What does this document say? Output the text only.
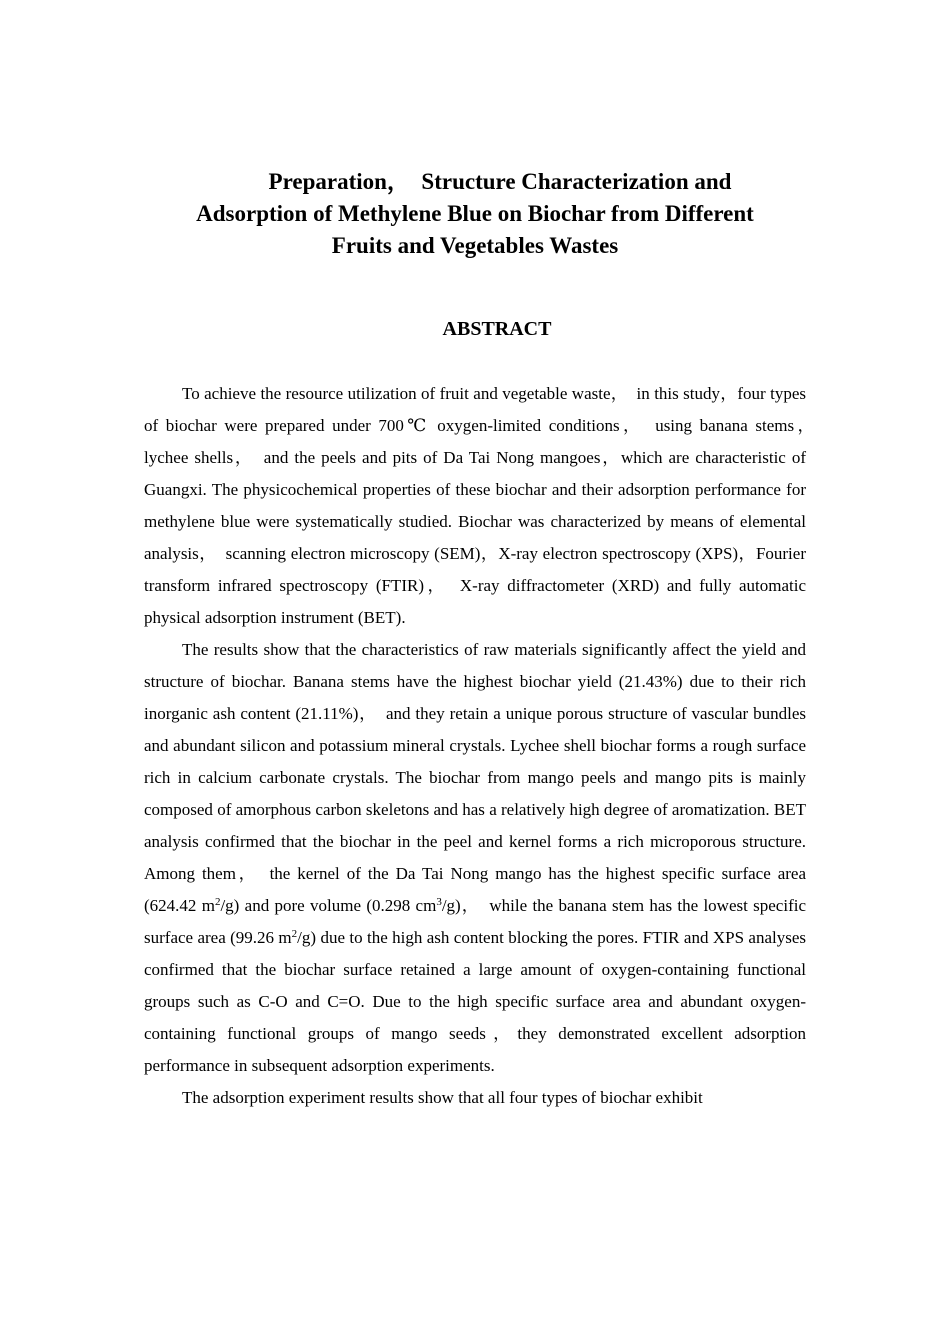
Preparation，　Structure Characterization and
Adsorption of Methylene Blue on Biochar from Different
Fruits and Vegetables Wastes
ABSTRACT

To achieve the resource utilization of fruit and vegetable waste，　in this study，four types of biochar were prepared under 700℃ oxygen-limited conditions，　using banana stems，　lychee shells，　and the peels and pits of Da Tai Nong mangoes，which are characteristic of Guangxi. The physicochemical properties of these biochar and their adsorption performance for methylene blue were systematically studied. Biochar was characterized by means of elemental analysis，　scanning electron microscopy (SEM)，X-ray electron spectroscopy (XPS)，Fourier transform infrared spectroscopy (FTIR)，　X-ray diffractometer (XRD) and fully automatic physical adsorption instrument (BET).

The results show that the characteristics of raw materials significantly affect the yield and structure of biochar. Banana stems have the highest biochar yield (21.43%) due to their rich inorganic ash content (21.11%)，　and they retain a unique porous structure of vascular bundles and abundant silicon and potassium mineral crystals. Lychee shell biochar forms a rough surface rich in calcium carbonate crystals. The biochar from mango peels and mango pits is mainly composed of amorphous carbon skeletons and has a relatively high degree of aromatization. BET analysis confirmed that the biochar in the peel and kernel forms a rich microporous structure. Among them，　the kernel of the Da Tai Nong mango has the highest specific surface area (624.42 $m^2/g$) and pore volume (0.298 $cm^3/g$)，　while the banana stem has the lowest specific surface area (99.26 $m^2/g$) due to the high ash content blocking the pores. FTIR and XPS analyses confirmed that the biochar surface retained a large amount of oxygen-containing functional groups such as C-O and C=O. Due to the high specific surface area and abundant oxygen-containing functional groups of mango seeds，they demonstrated excellent adsorption performance in subsequent adsorption experiments.

The adsorption experiment results show that all four types of biochar exhibit
